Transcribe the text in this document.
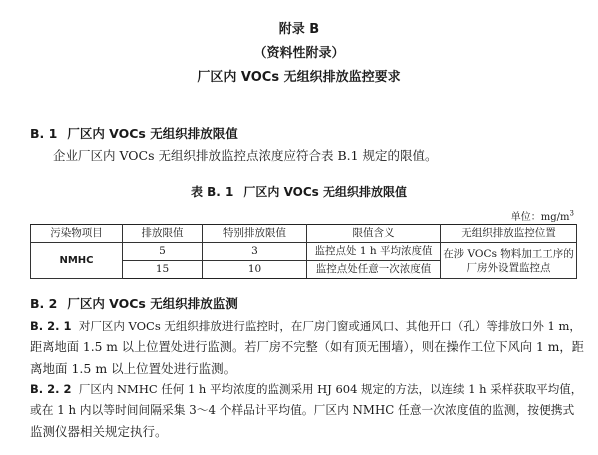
附录 B
（资料性附录）
厂区内 VOCs 无组织排放监控要求
B. 1 厂区内 VOCs 无组织排放限值
企业厂区内 VOCs 无组织排放监控点浓度应符合表 B.1 规定的限值。
表 B. 1 厂区内 VOCs 无组织排放限值
单位：$mg/m^3$
污染物项目	排放限值	特别排放限值	限值含义	无组织排放监控位置
NMHC	5	3	监控点处 1 h 平均浓度值	在涉 VOCs 物料加工工序的厂房外设置监控点
	15	10	监控点处任意一次浓度值	
B. 2 厂区内 VOCs 无组织排放监测
B. 2. 1 对厂区内 VOCs 无组织排放进行监控时，在厂房门窗或通风口、其他开口（孔）等排放口外 1 m，
距离地面 1.5 m 以上位置处进行监测。若厂房不完整（如有顶无围墙），则在操作工位下风向 1 m，距
离地面 1.5 m 以上位置处进行监测。
B. 2. 2 厂区内 NMHC 任何 1 h 平均浓度的监测采用 HJ 604 规定的方法，以连续 1 h 采样获取平均值，
或在 1 h 内以等时间间隔采集 3～4 个样品计平均值。厂区内 NMHC 任意一次浓度值的监测，按便携式
监测仪器相关规定执行。
